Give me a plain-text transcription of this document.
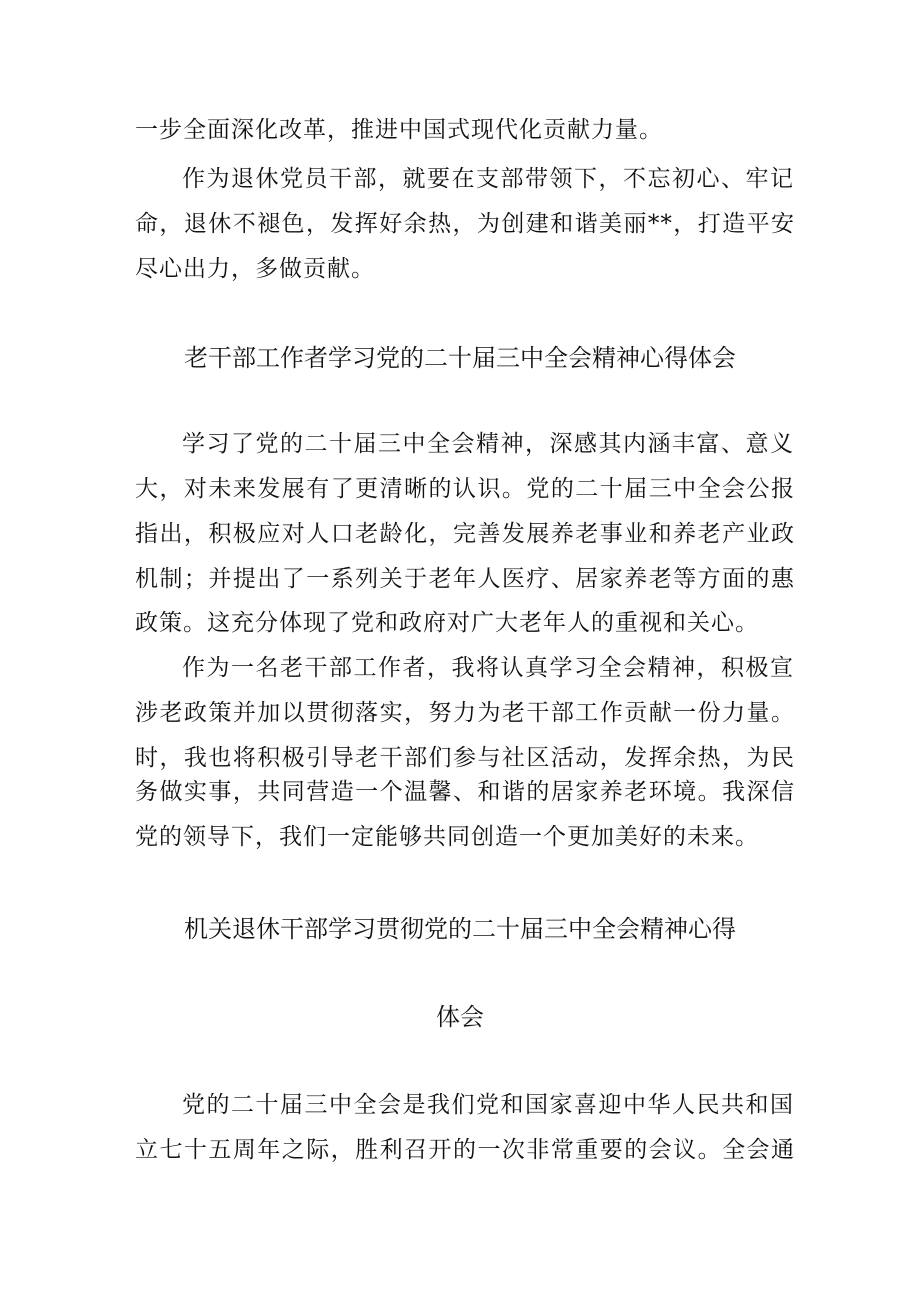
一步全面深化改革，推进中国式现代化贡献力量。
作为退休党员干部，就要在支部带领下，不忘初心、牢记
命，退休不褪色，发挥好余热，为创建和谐美丽**，打造平安
尽心出力，多做贡献。
老干部工作者学习党的二十届三中全会精神心得体会
学习了党的二十届三中全会精神，深感其内涵丰富、意义
大，对未来发展有了更清晰的认识。党的二十届三中全会公报
指出，积极应对人口老龄化，完善发展养老事业和养老产业政
机制；并提出了一系列关于老年人医疗、居家养老等方面的惠
政策。这充分体现了党和政府对广大老年人的重视和关心。
作为一名老干部工作者，我将认真学习全会精神，积极宣
涉老政策并加以贯彻落实，努力为老干部工作贡献一份力量。
时，我也将积极引导老干部们参与社区活动，发挥余热，为民
务做实事，共同营造一个温馨、和谐的居家养老环境。我深信
党的领导下，我们一定能够共同创造一个更加美好的未来。
机关退休干部学习贯彻党的二十届三中全会精神心得
体会
党的二十届三中全会是我们党和国家喜迎中华人民共和国
立七十五周年之际，胜利召开的一次非常重要的会议。全会通
